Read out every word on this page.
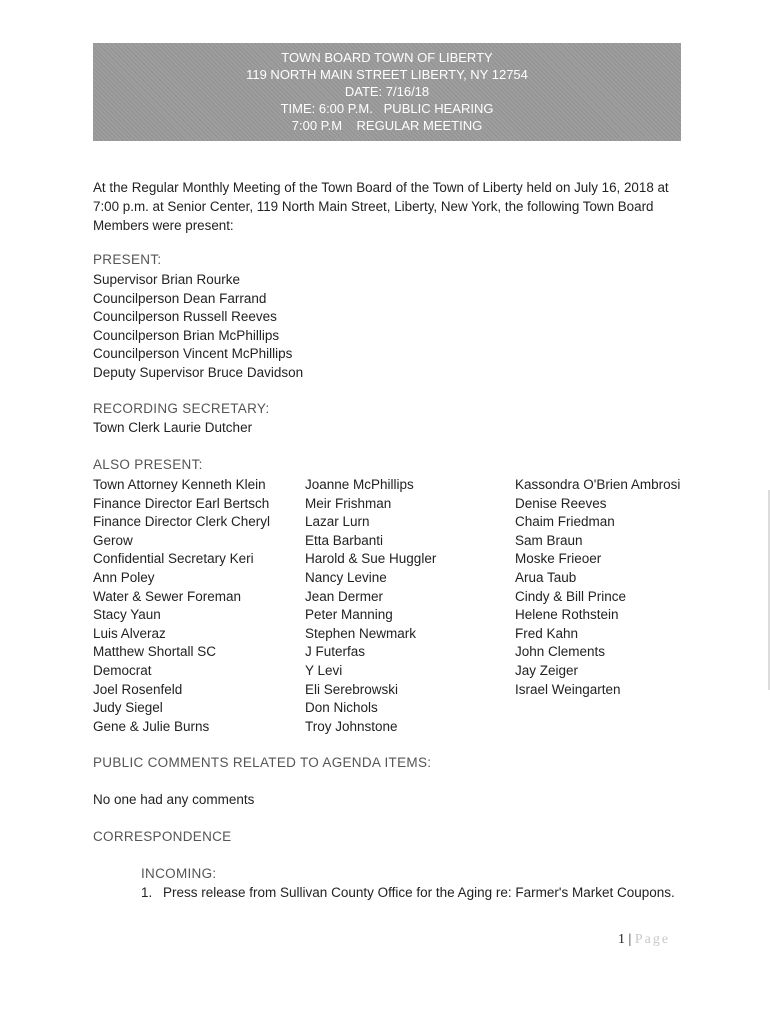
TOWN BOARD TOWN OF LIBERTY
119 NORTH MAIN STREET LIBERTY, NY 12754
DATE: 7/16/18
TIME: 6:00 P.M.   PUBLIC HEARING
7:00 P.M    REGULAR MEETING
At the Regular Monthly Meeting of the Town Board of the Town of Liberty held on July 16, 2018 at 7:00 p.m. at Senior Center, 119 North Main Street, Liberty, New York, the following Town Board Members were present:
PRESENT:
Supervisor Brian Rourke
Councilperson Dean Farrand
Councilperson Russell Reeves
Councilperson Brian McPhillips
Councilperson Vincent McPhillips
Deputy Supervisor Bruce Davidson
RECORDING SECRETARY:
Town Clerk Laurie Dutcher
ALSO PRESENT:
Town Attorney Kenneth Klein
Finance Director Earl Bertsch
Finance Director Clerk Cheryl
Gerow
Confidential Secretary Keri
Ann Poley
Water & Sewer Foreman
Stacy Yaun
Luis Alveraz
Matthew Shortall SC
Democrat
Joel Rosenfeld
Judy Siegel
Gene & Julie Burns
Joanne McPhillips
Meir Frishman
Lazar Lurn
Etta Barbanti
Harold & Sue Huggler
Nancy Levine
Jean Dermer
Peter Manning
Stephen Newmark
J Futerfas
Y Levi
Eli Serebrowski
Don Nichols
Troy Johnstone
Kassondra O'Brien Ambrosi
Denise Reeves
Chaim Friedman
Sam Braun
Moske Frieoer
Arua Taub
Cindy & Bill Prince
Helene Rothstein
Fred Kahn
John Clements
Jay Zeiger
Israel Weingarten
PUBLIC COMMENTS RELATED TO AGENDA ITEMS:
No one had any comments
CORRESPONDENCE
INCOMING:
1. Press release from Sullivan County Office for the Aging re: Farmer's Market Coupons.
1 | Page
